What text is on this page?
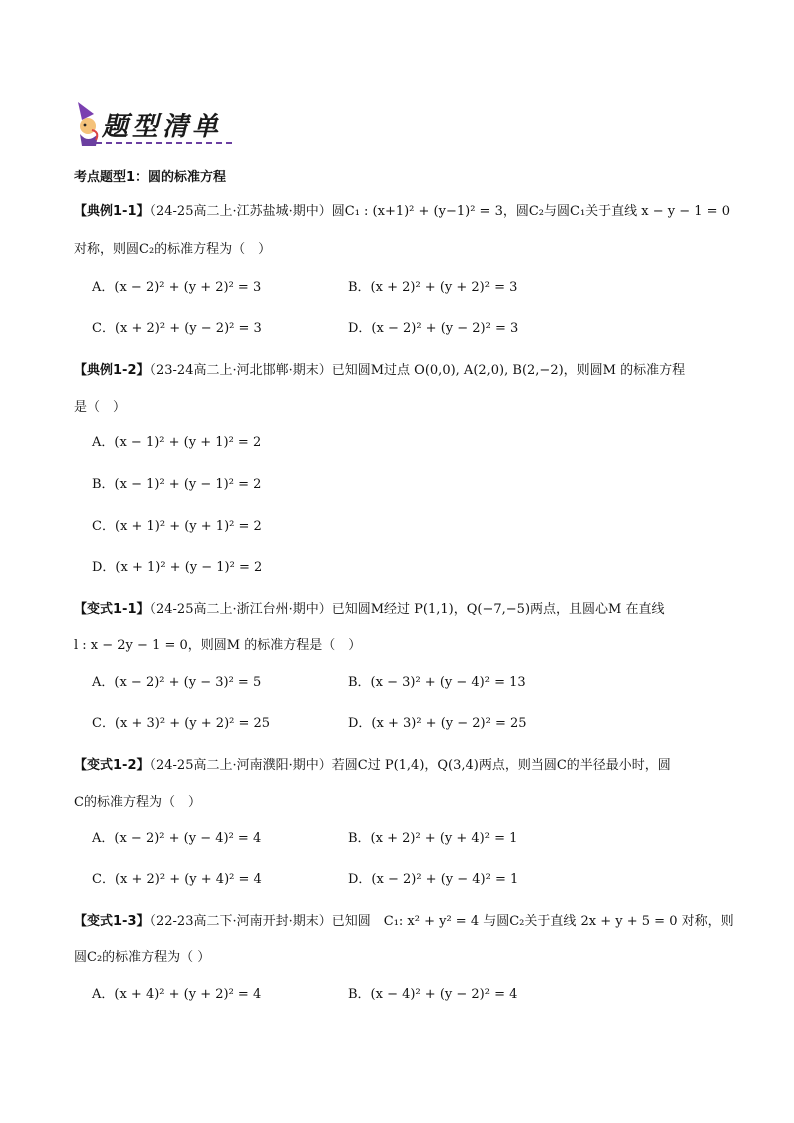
题型清单
考点题型1：圆的标准方程
【典例1-1】（24-25高二上·江苏盐城·期中）圆C₁ : (x+1)² + (y−1)² = 3，圆C₂与圆C₁关于直线 x − y − 1 = 0
对称，则圆C₂的标准方程为（　）
A．(x − 2)² + (y + 2)² = 3	B．(x + 2)² + (y + 2)² = 3
C．(x + 2)² + (y − 2)² = 3	D．(x − 2)² + (y − 2)² = 3
【典例1-2】（23-24高二上·河北邯郸·期末）已知圆M过点 O(0,0), A(2,0), B(2,−2)，则圆M 的标准方程
是（　）
A．(x − 1)² + (y + 1)² = 2
B．(x − 1)² + (y − 1)² = 2
C．(x + 1)² + (y + 1)² = 2
D．(x + 1)² + (y − 1)² = 2
【变式1-1】（24-25高二上·浙江台州·期中）已知圆M经过 P(1,1)，Q(−7,−5)两点，且圆心M 在直线
l : x − 2y − 1 = 0，则圆M 的标准方程是（　）
A．(x − 2)² + (y − 3)² = 5	B．(x − 3)² + (y − 4)² = 13
C．(x + 3)² + (y + 2)² = 25	D．(x + 3)² + (y − 2)² = 25
【变式1-2】（24-25高二上·河南濮阳·期中）若圆C过 P(1,4)，Q(3,4)两点，则当圆C的半径最小时，圆
C的标准方程为（　）
A．(x − 2)² + (y − 4)² = 4	B．(x + 2)² + (y + 4)² = 1
C．(x + 2)² + (y + 4)² = 4	D．(x − 2)² + (y − 4)² = 1
【变式1-3】（22-23高二下·河南开封·期末）已知圆　C₁: x² + y² = 4 与圆C₂关于直线 2x + y + 5 = 0 对称，则
圆C₂的标准方程为（ ）
A．(x + 4)² + (y + 2)² = 4	B．(x − 4)² + (y − 2)² = 4
